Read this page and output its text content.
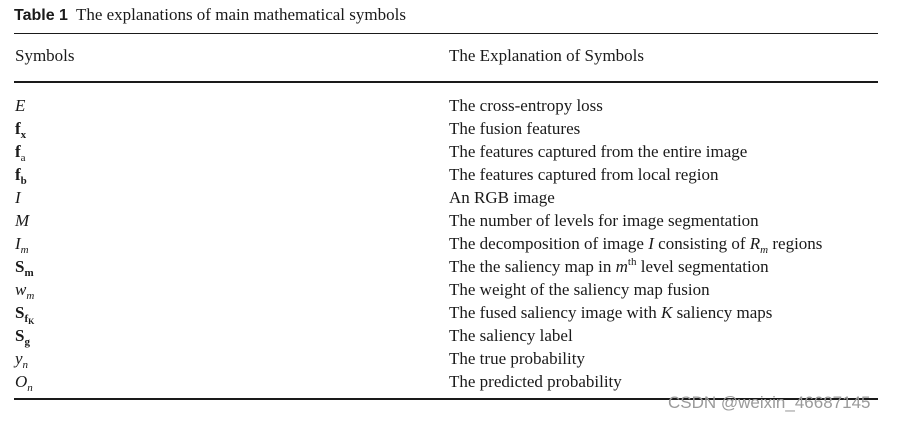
Table 1 The explanations of main mathematical symbols
Symbols	The Explanation of Symbols
E	The cross-entropy loss
$f_x$	The fusion features
$f_a$	The features captured from the entire image
$f_b$	The features captured from local region
I	An RGB image
M	The number of levels for image segmentation
$I_m$	The decomposition of image I consisting of $R_m$ regions
$S_m$	The the saliency map in $m^{th}$ level segmentation
$w_m$	The weight of the saliency map fusion
$S_{f_K}$	The fused saliency image with K saliency maps
$S_g$	The saliency label
$y_n$	The true probability
$O_n$	The predicted probability
CSDN @weixin_46687145
